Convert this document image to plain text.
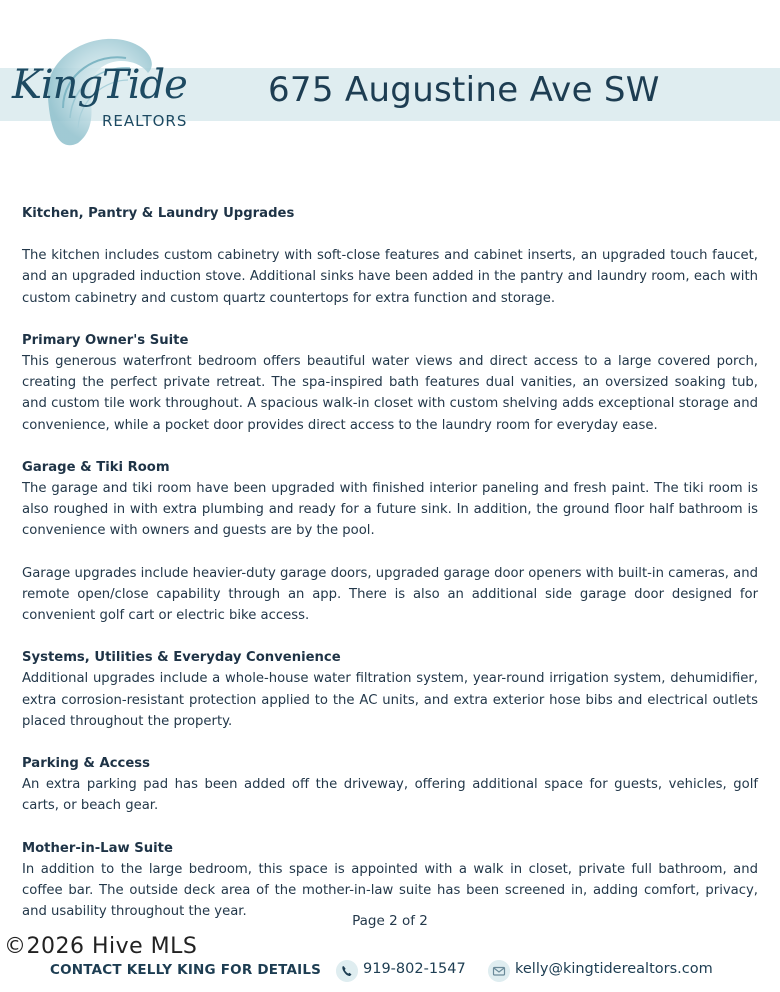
KingTide
REALTORS
675 Augustine Ave SW
Kitchen, Pantry & Laundry Upgrades

The kitchen includes custom cabinetry with soft-close features and cabinet inserts, an upgraded touch faucet, and an upgraded induction stove. Additional sinks have been added in the pantry and laundry room, each with custom cabinetry and custom quartz countertops for extra function and storage.

Primary Owner's Suite

This generous waterfront bedroom offers beautiful water views and direct access to a large covered porch, creating the perfect private retreat. The spa-inspired bath features dual vanities, an oversized soaking tub, and custom tile work throughout. A spacious walk-in closet with custom shelving adds exceptional storage and convenience, while a pocket door provides direct access to the laundry room for everyday ease.

Garage & Tiki Room

The garage and tiki room have been upgraded with finished interior paneling and fresh paint. The tiki room is also roughed in with extra plumbing and ready for a future sink. In addition, the ground floor half bathroom is convenience with owners and guests are by the pool.

Garage upgrades include heavier-duty garage doors, upgraded garage door openers with built-in cameras, and remote open/close capability through an app. There is also an additional side garage door designed for convenient golf cart or electric bike access.

Systems, Utilities & Everyday Convenience

Additional upgrades include a whole-house water filtration system, year-round irrigation system, dehumidifier, extra corrosion-resistant protection applied to the AC units, and extra exterior hose bibs and electrical outlets placed throughout the property.

Parking & Access

An extra parking pad has been added off the driveway, offering additional space for guests, vehicles, golf carts, or beach gear.

Mother-in-Law Suite

In addition to the large bedroom, this space is appointed with a walk in closet, private full bathroom, and coffee bar. The outside deck area of the mother-in-law suite has been screened in, adding comfort, privacy, and usability throughout the year.

Page 2 of 2
©2026 Hive MLS
CONTACT KELLY KING FOR DETAILS	919-802-1547	kelly@kingtiderealtors.com
